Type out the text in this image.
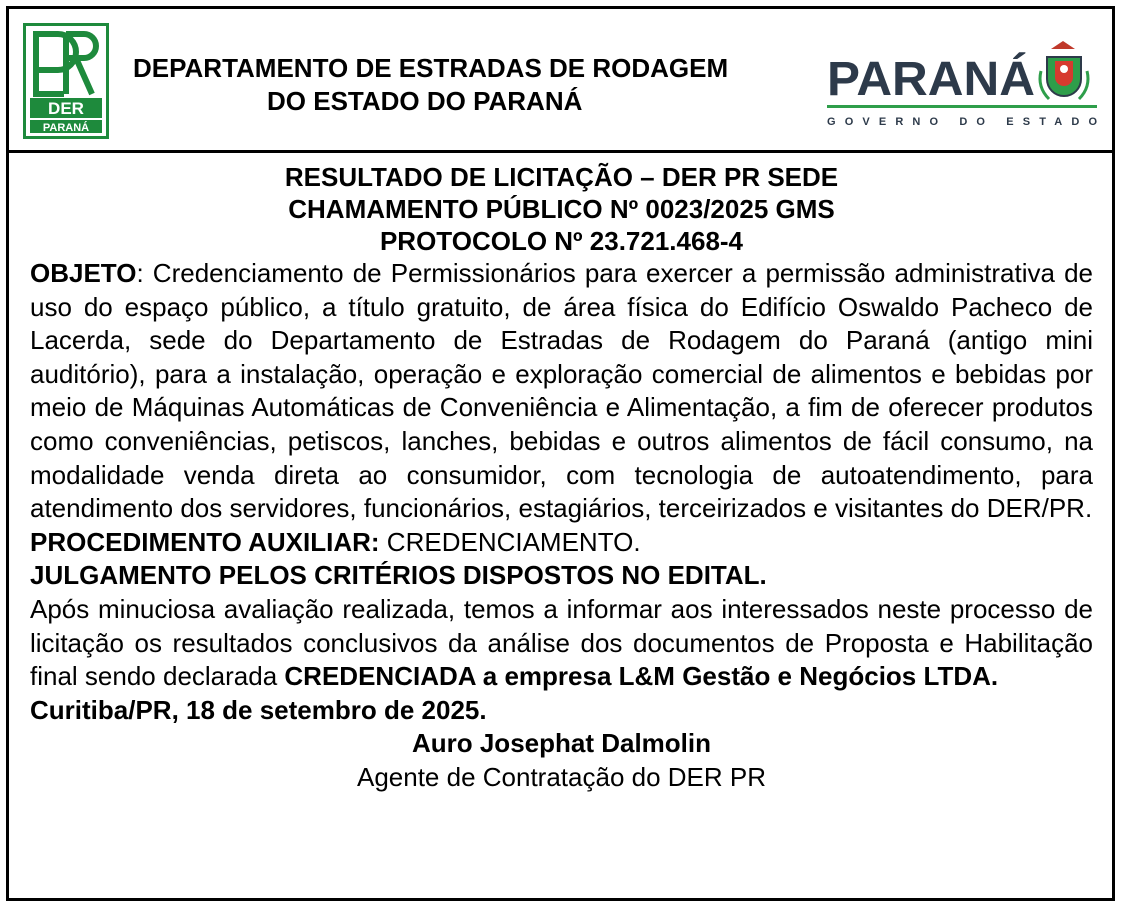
DER
PARANÁ
DEPARTAMENTO DE ESTRADAS DE RODAGEM
DO ESTADO DO PARANÁ	PARANÁ
GOVERNO DO ESTADO
RESULTADO DE LICITAÇÃO – DER PR SEDE
CHAMAMENTO PÚBLICO Nº 0023/2025 GMS
PROTOCOLO Nº 23.721.468-4
OBJETO: Credenciamento de Permissionários para exercer a permissão administrativa de uso do espaço público, a título gratuito, de área física do Edifício Oswaldo Pacheco de Lacerda, sede do Departamento de Estradas de Rodagem do Paraná (antigo mini auditório), para a instalação, operação e exploração comercial de alimentos e bebidas por meio de Máquinas Automáticas de Conveniência e Alimentação, a fim de oferecer produtos como conveniências, petiscos, lanches, bebidas e outros alimentos de fácil consumo, na modalidade venda direta ao consumidor, com tecnologia de autoatendimento, para atendimento dos servidores, funcionários, estagiários, terceirizados e visitantes do DER/PR.
PROCEDIMENTO AUXILIAR: CREDENCIAMENTO.
JULGAMENTO PELOS CRITÉRIOS DISPOSTOS NO EDITAL.
Após minuciosa avaliação realizada, temos a informar aos interessados neste processo de licitação os resultados conclusivos da análise dos documentos de Proposta e Habilitação final sendo declarada CREDENCIADA a empresa L&M Gestão e Negócios LTDA.
Curitiba/PR, 18 de setembro de 2025.
Auro Josephat Dalmolin
Agente de Contratação do DER PR
